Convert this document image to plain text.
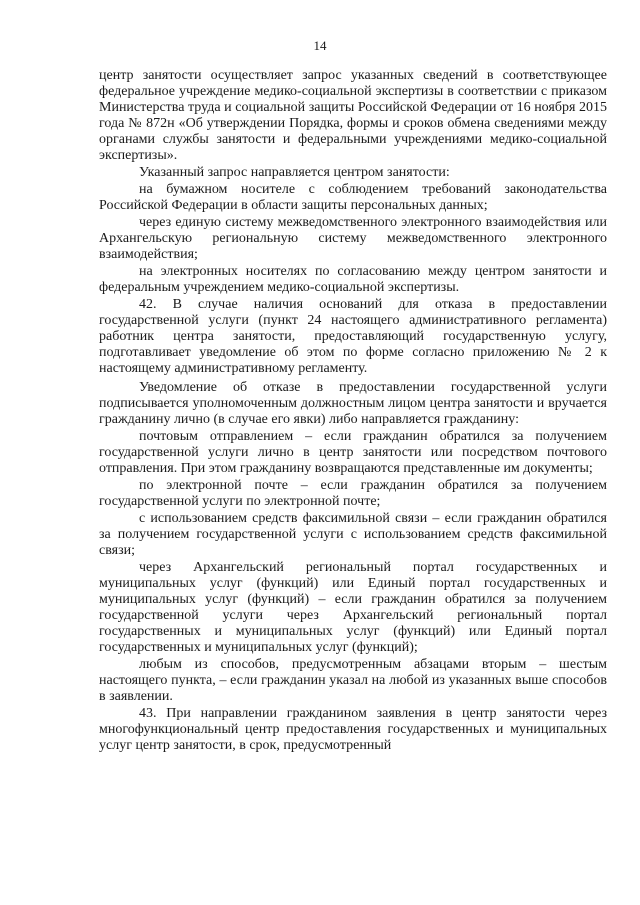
14

центр занятости осуществляет запрос указанных сведений в соответствующее федеральное учреждение медико-социальной экспертизы в соответствии с приказом Министерства труда и социальной защиты Российской Федерации от 16 ноября 2015 года № 872н «Об утверждении Порядка, формы и сроков обмена сведениями между органами службы занятости и федеральными учреждениями медико-социальной экспертизы».

Указанный запрос направляется центром занятости:

на бумажном носителе с соблюдением требований законодательства Российской Федерации в области защиты персональных данных;

через единую систему межведомственного электронного взаимодействия или Архангельскую региональную систему межведомственного электронного взаимодействия;

на электронных носителях по согласованию между центром занятости и федеральным учреждением медико-социальной экспертизы.

42. В случае наличия оснований для отказа в предоставлении государственной услуги (пункт 24 настоящего административного регламента) работник центра занятости, предоставляющий государственную услугу, подготавливает уведомление об этом по форме согласно приложению № 2 к настоящему административному регламенту.

Уведомление об отказе в предоставлении государственной услуги подписывается уполномоченным должностным лицом центра занятости и вручается гражданину лично (в случае его явки) либо направляется гражданину:

почтовым отправлением – если гражданин обратился за получением государственной услуги лично в центр занятости или посредством почтового отправления. При этом гражданину возвращаются представленные им документы;

по электронной почте – если гражданин обратился за получением государственной услуги по электронной почте;

с использованием средств факсимильной связи – если гражданин обратился за получением государственной услуги с использованием средств факсимильной связи;

через Архангельский региональный портал государственных и муниципальных услуг (функций) или Единый портал государственных и муниципальных услуг (функций) – если гражданин обратился за получением государственной услуги через Архангельский региональный портал государственных и муниципальных услуг (функций) или Единый портал государственных и муниципальных услуг (функций);

любым из способов, предусмотренным абзацами вторым – шестым настоящего пункта, – если гражданин указал на любой из указанных выше способов в заявлении.

43. При направлении гражданином заявления в центр занятости через многофункциональный центр предоставления государственных и муниципальных услуг центр занятости, в срок, предусмотренный
